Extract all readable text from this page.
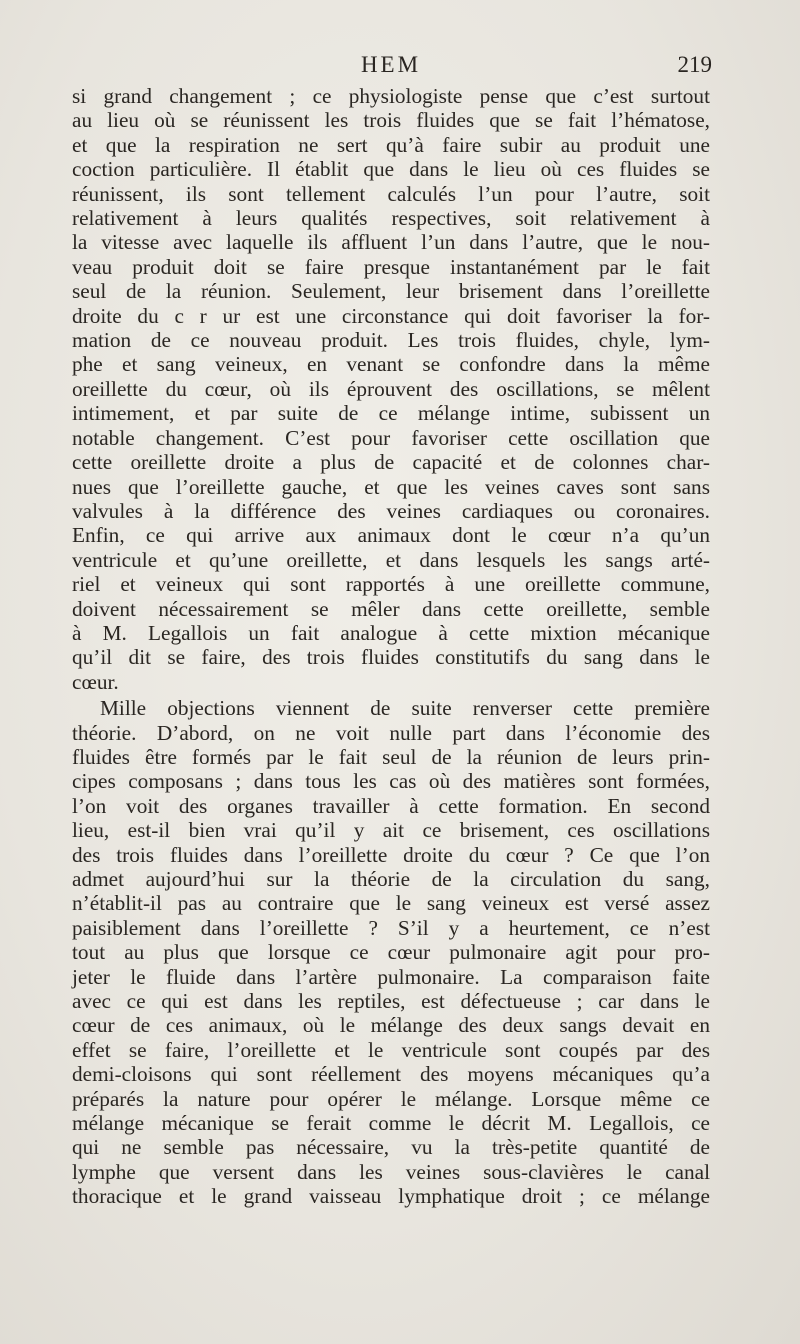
HEM	219
si grand changement ; ce physiologiste pense que c’est surtout
au lieu où se réunissent les trois fluides que se fait l’hématose,
et que la respiration ne sert qu’à faire subir au produit une
coction particulière. Il établit que dans le lieu où ces fluides se
réunissent, ils sont tellement calculés l’un pour l’autre, soit
relativement à leurs qualités respectives, soit relativement à
la vitesse avec laquelle ils affluent l’un dans l’autre, que le nou-
veau produit doit se faire presque instantanément par le fait
seul de la réunion. Seulement, leur brisement dans l’oreillette
droite du c r ur est une circonstance qui doit favoriser la for-
mation de ce nouveau produit. Les trois fluides, chyle, lym-
phe et sang veineux, en venant se confondre dans la même
oreillette du cœur, où ils éprouvent des oscillations, se mêlent
intimement, et par suite de ce mélange intime, subissent un
notable changement. C’est pour favoriser cette oscillation que
cette oreillette droite a plus de capacité et de colonnes char-
nues que l’oreillette gauche, et que les veines caves sont sans
valvules à la différence des veines cardiaques ou coronaires.
Enfin, ce qui arrive aux animaux dont le cœur n’a qu’un
ventricule et qu’une oreillette, et dans lesquels les sangs arté-
riel et veineux qui sont rapportés à une oreillette commune,
doivent nécessairement se mêler dans cette oreillette, semble
à M. Legallois un fait analogue à cette mixtion mécanique
qu’il dit se faire, des trois fluides constitutifs du sang dans le
cœur.
Mille objections viennent de suite renverser cette première
théorie. D’abord, on ne voit nulle part dans l’économie des
fluides être formés par le fait seul de la réunion de leurs prin-
cipes composans ; dans tous les cas où des matières sont formées,
l’on voit des organes travailler à cette formation. En second
lieu, est-il bien vrai qu’il y ait ce brisement, ces oscillations
des trois fluides dans l’oreillette droite du cœur ? Ce que l’on
admet aujourd’hui sur la théorie de la circulation du sang,
n’établit-il pas au contraire que le sang veineux est versé assez
paisiblement dans l’oreillette ? S’il y a heurtement, ce n’est
tout au plus que lorsque ce cœur pulmonaire agit pour pro-
jeter le fluide dans l’artère pulmonaire. La comparaison faite
avec ce qui est dans les reptiles, est défectueuse ; car dans le
cœur de ces animaux, où le mélange des deux sangs devait en
effet se faire, l’oreillette et le ventricule sont coupés par des
demi-cloisons qui sont réellement des moyens mécaniques qu’a
préparés la nature pour opérer le mélange. Lorsque même ce
mélange mécanique se ferait comme le décrit M. Legallois, ce
qui ne semble pas nécessaire, vu la très-petite quantité de
lymphe que versent dans les veines sous-clavières le canal
thoracique et le grand vaisseau lymphatique droit ; ce mélange
